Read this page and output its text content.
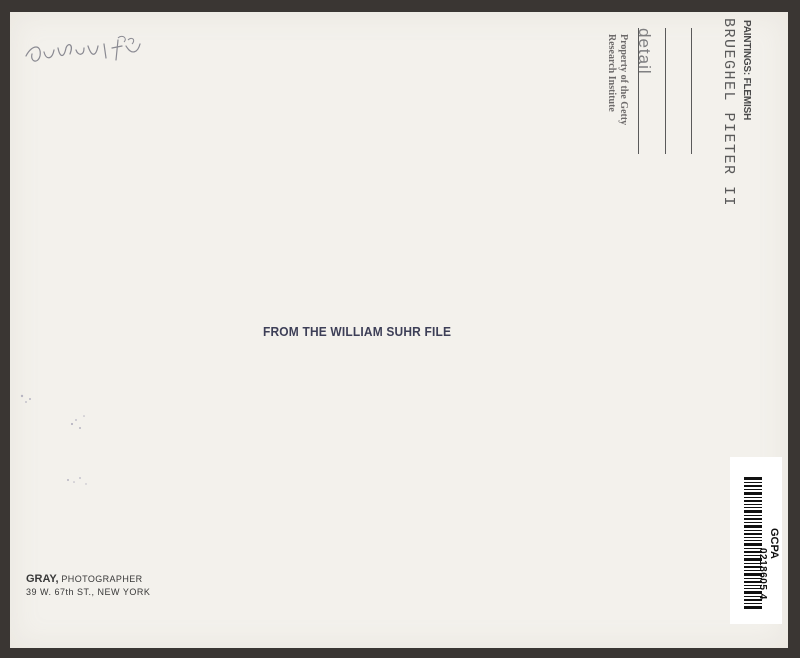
PAINTINGS: FLEMISH
BRUEGHEL PIETER II
detail
Property of the Getty
Research Institute
FROM THE WILLIAM SUHR FILE
GRAY, PHOTOGRAPHER
39 W. 67th ST., NEW YORK
GCPA
0218605 4
